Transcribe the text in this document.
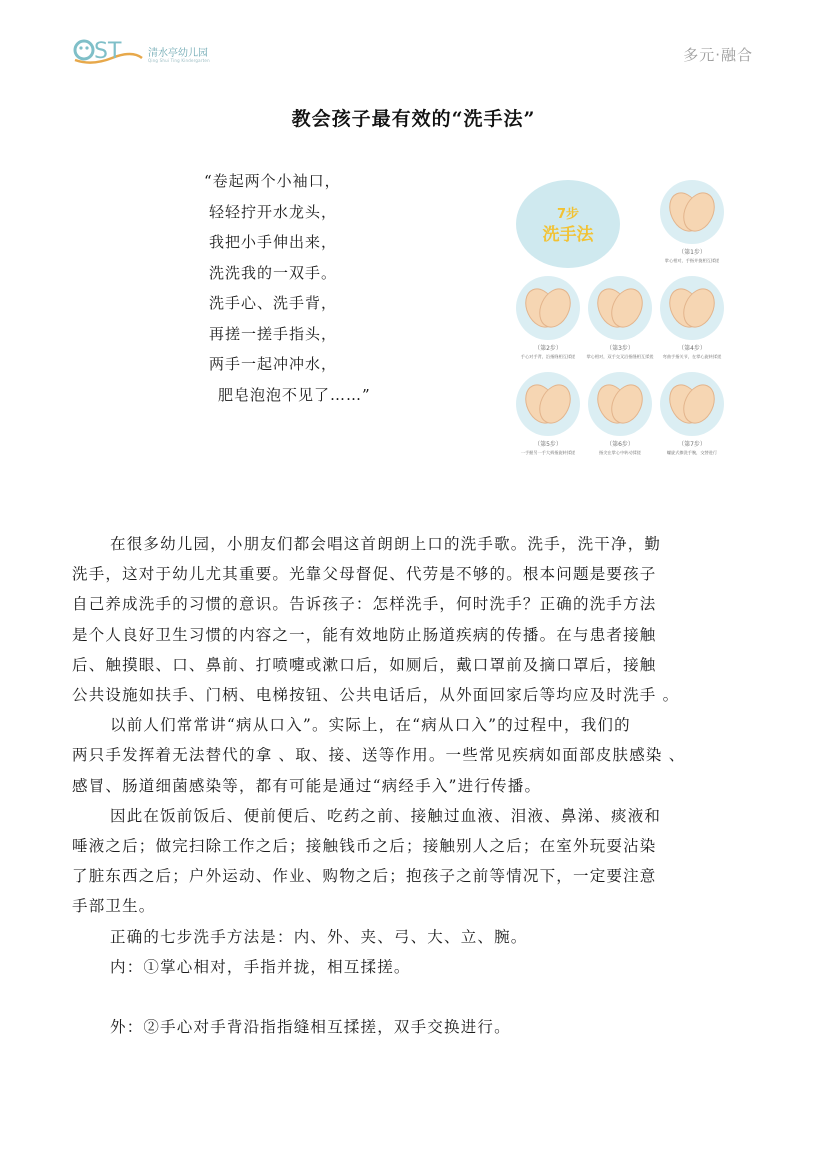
ST	清水亭幼儿园
Qing Shui Ting Kindergarten	多元·融合
教会孩子最有效的“洗手法”
“卷起两个小袖口，
轻轻拧开水龙头，
我把小手伸出来，
洗洗我的一双手。
洗手心、洗手背，
再搓一搓手指头，
两手一起冲冲水，
肥皂泡泡不见了……”
7步
洗手法
（第1步）
掌心相对，手指并拢相互揉搓
（第2步）
手心对手背，沿指缝相互揉搓
（第3步）
掌心相对，双手交叉沿指缝相互揉搓
（第4步）
弯曲手指关节，在掌心旋转揉搓
（第5步）
一手握另一手大拇指旋转揉搓
（第6步）
指尖在掌心中转动揉搓
（第7步）
螺旋式擦洗手腕，交替进行

在很多幼儿园，小朋友们都会唱这首朗朗上口的洗手歌。洗手，洗干净，勤

洗手，这对于幼儿尤其重要。光靠父母督促、代劳是不够的。根本问题是要孩子

自己养成洗手的习惯的意识。告诉孩子：怎样洗手，何时洗手？正确的洗手方法

是个人良好卫生习惯的内容之一，能有效地防止肠道疾病的传播。在与患者接触

后、触摸眼、口、鼻前、打喷嚏或漱口后，如厕后，戴口罩前及摘口罩后，接触

公共设施如扶手、门柄、电梯按钮、公共电话后，从外面回家后等均应及时洗手 。

以前人们常常讲“病从口入”。实际上，在“病从口入”的过程中，我们的

两只手发挥着无法替代的拿 、取、接、送等作用。一些常见疾病如面部皮肤感染 、

感冒、肠道细菌感染等，都有可能是通过“病经手入”进行传播。

因此在饭前饭后、便前便后、吃药之前、接触过血液、泪液、鼻涕、痰液和

唾液之后；做完扫除工作之后；接触钱币之后；接触别人之后；在室外玩耍沾染

了脏东西之后；户外运动、作业、购物之后；抱孩子之前等情况下，一定要注意

手部卫生。

正确的七步洗手方法是：内、外、夹、弓、大、立、腕。

内：①掌心相对，手指并拢，相互揉搓。

外：②手心对手背沿指指缝相互揉搓，双手交换进行。
